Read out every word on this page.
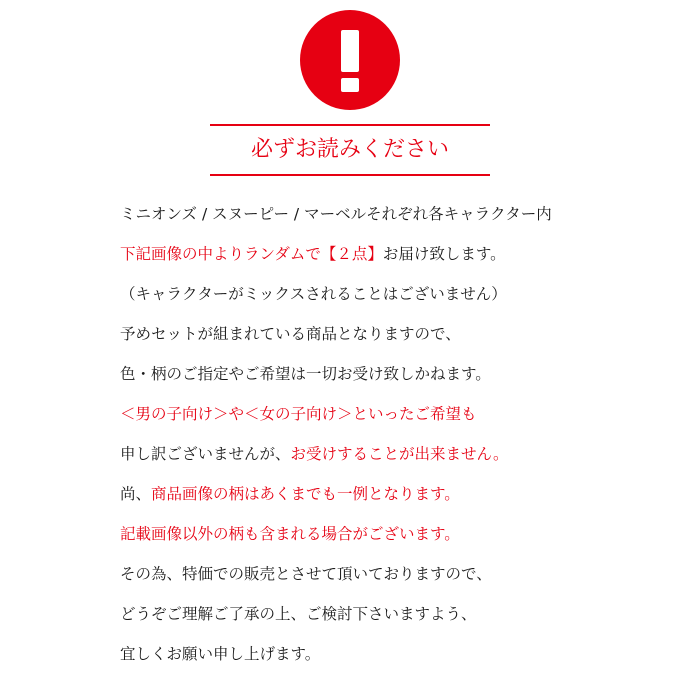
必ずお読みください
ミニオンズ / スヌーピー / マーベルそれぞれ各キャラクター内
下記画像の中よりランダムで【２点】お届け致します。
（キャラクターがミックスされることはございません）
予めセットが組まれている商品となりますので、
色・柄のご指定やご希望は一切お受け致しかねます。
＜男の子向け＞や＜女の子向け＞といったご希望も
申し訳ございませんが、お受けすることが出来ません。
尚、商品画像の柄はあくまでも一例となります。
記載画像以外の柄も含まれる場合がございます。
その為、特価での販売とさせて頂いておりますので、
どうぞご理解ご了承の上、ご検討下さいますよう、
宜しくお願い申し上げます。
